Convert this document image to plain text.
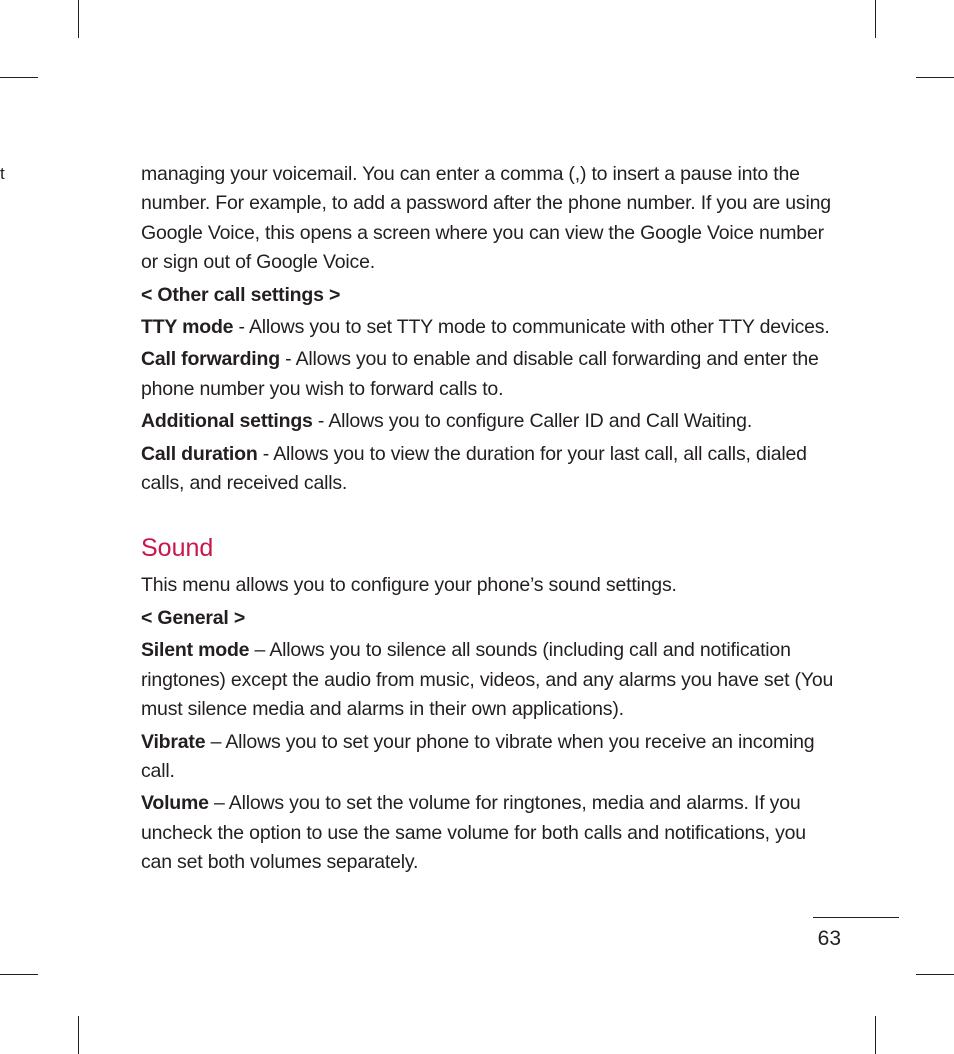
t	managing your voicemail. You can enter a comma (,) to insert a pause into the number. For example, to add a password after the phone number. If you are using Google Voice, this opens a screen where you can view the Google Voice number or sign out of Google Voice.

< Other call settings >

TTY mode - Allows you to set TTY mode to communicate with other TTY devices.

Call forwarding - Allows you to enable and disable call forwarding and enter the phone number you wish to forward calls to.

Additional settings - Allows you to configure Caller ID and Call Waiting.

Call duration - Allows you to view the duration for your last call, all calls, dialed calls, and received calls.

Sound

This menu allows you to configure your phone’s sound settings.

< General >

Silent mode – Allows you to silence all sounds (including call and notification ringtones) except the audio from music, videos, and any alarms you have set (You must silence media and alarms in their own applications).

Vibrate – Allows you to set your phone to vibrate when you receive an incoming call.

Volume – Allows you to set the volume for ringtones, media and alarms. If you uncheck the option to use the same volume for both calls and notifications, you can set both volumes separately.

63
